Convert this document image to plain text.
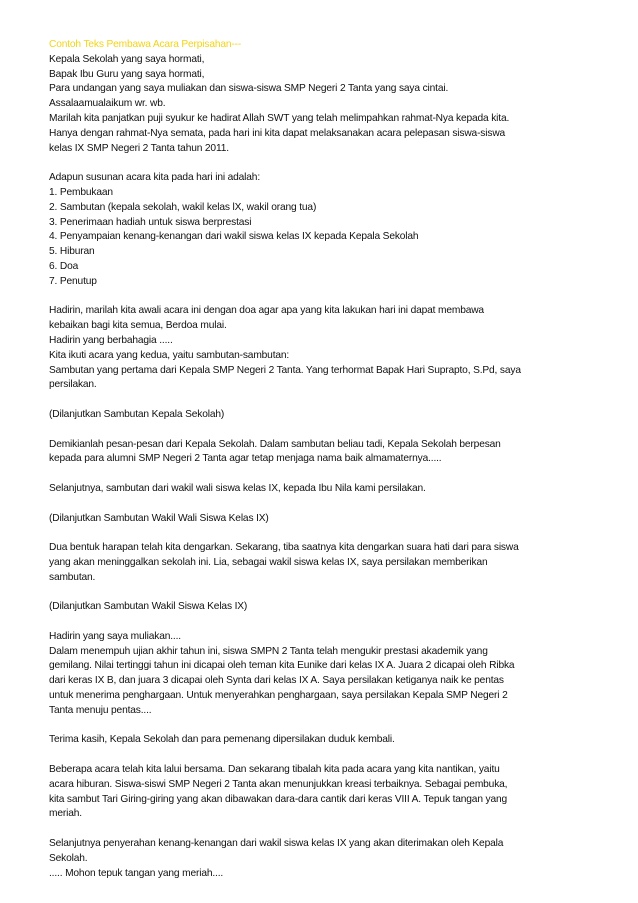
Contoh Teks Pembawa Acara Perpisahan---
Kepala Sekolah yang saya hormati,
Bapak Ibu Guru yang saya hormati,
Para undangan yang saya muliakan dan siswa-siswa SMP Negeri 2 Tanta yang saya cintai.
Assalaamualaikum wr. wb.
Marilah kita panjatkan puji syukur ke hadirat Allah SWT yang telah melimpahkan rahmat-Nya kepada kita.
Hanya dengan rahmat-Nya semata, pada hari ini kita dapat melaksanakan acara pelepasan siswa-siswa
kelas IX SMP Negeri 2 Tanta tahun 2011.
Adapun susunan acara kita pada hari ini adalah:
1. Pembukaan
2. Sambutan (kepala sekolah, wakil kelas lX, wakil orang tua)
3. Penerimaan hadiah untuk siswa berprestasi
4. Penyampaian kenang-kenangan dari wakil siswa kelas IX kepada Kepala Sekolah
5. Hiburan
6. Doa
7. Penutup
Hadirin, marilah kita awali acara ini dengan doa agar apa yang kita lakukan hari ini dapat membawa
kebaikan bagi kita semua, Berdoa mulai.
Hadirin yang berbahagia .....
Kita ikuti acara yang kedua, yaitu sambutan-sambutan:
Sambutan yang pertama dari Kepala SMP Negeri 2 Tanta. Yang terhormat Bapak Hari Suprapto, S.Pd, saya
persilakan.
(Dilanjutkan Sambutan Kepala Sekolah)
Demikianlah pesan-pesan dari Kepala Sekolah. Dalam sambutan beliau tadi, Kepala Sekolah berpesan
kepada para alumni SMP Negeri 2 Tanta agar tetap menjaga nama baik almamaternya.....
Selanjutnya, sambutan dari wakil wali siswa kelas IX, kepada Ibu Nila kami persilakan.
(Dilanjutkan Sambutan Wakil Wali Siswa Kelas IX)
Dua bentuk harapan telah kita dengarkan. Sekarang, tiba saatnya kita dengarkan suara hati dari para siswa
yang akan meninggalkan sekolah ini. Lia, sebagai wakil siswa kelas IX, saya persilakan memberikan
sambutan.
(Dilanjutkan Sambutan Wakil Siswa Kelas IX)
Hadirin yang saya muliakan....
Dalam menempuh ujian akhir tahun ini, siswa SMPN 2 Tanta telah mengukir prestasi akademik yang
gemilang. Nilai tertinggi tahun ini dicapai oleh teman kita Eunike dari kelas IX A. Juara 2 dicapai oleh Ribka
dari keras IX B, dan juara 3 dicapai oleh Synta dari kelas IX A. Saya persilakan ketiganya naik ke pentas
untuk menerima penghargaan. Untuk menyerahkan penghargaan, saya persilakan Kepala SMP Negeri 2
Tanta menuju pentas....
Terima kasih, Kepala Sekolah dan para pemenang dipersilakan duduk kembali.
Beberapa acara telah kita lalui bersama. Dan sekarang tibalah kita pada acara yang kita nantikan, yaitu
acara hiburan. Siswa-siswi SMP Negeri 2 Tanta akan menunjukkan kreasi terbaiknya. Sebagai pembuka,
kita sambut Tari Giring-giring yang akan dibawakan dara-dara cantik dari keras VIII A. Tepuk tangan yang
meriah.
Selanjutnya penyerahan kenang-kenangan dari wakil siswa kelas IX yang akan diterimakan oleh Kepala
Sekolah.
..... Mohon tepuk tangan yang meriah....
